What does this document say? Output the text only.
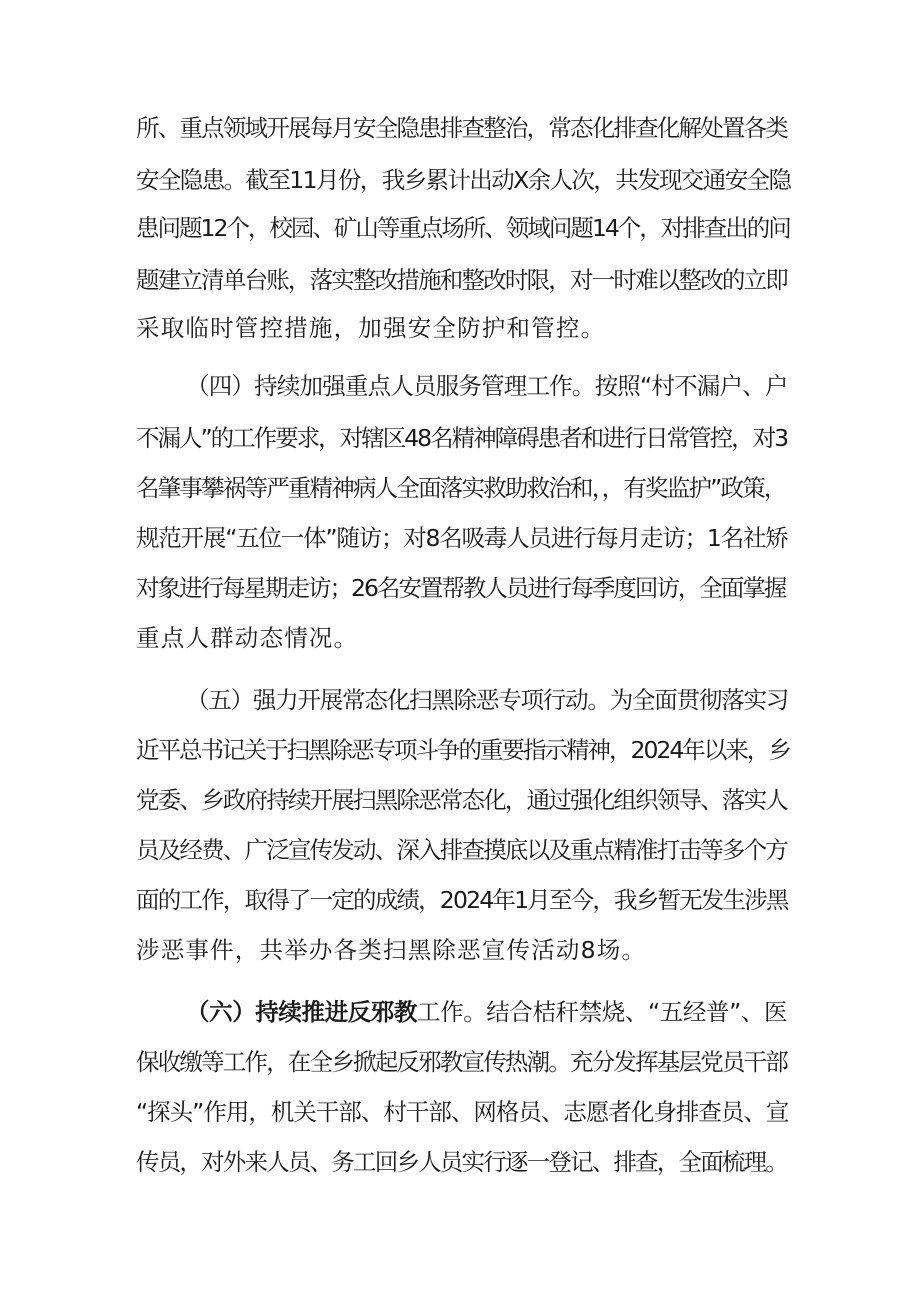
所、重点领域开展每月安全隐患排查整治，常态化排查化解处置各类
安全隐患。截至11月份，我乡累计出动X余人次，共发现交通安全隐
患问题12个，校园、矿山等重点场所、领域问题14个，对排查出的问
题建立清单台账，落实整改措施和整改时限，对一时难以整改的立即
采取临时管控措施，加强安全防护和管控。
（四）持续加强重点人员服务管理工作。按照“村不漏户、户
不漏人”的工作要求，对辖区48名精神障碍患者和进行日常管控，对3
名肇事攀祸等严重精神病人全面落实救助救治和，，有奖监护”政策，
规范开展“五位一体”随访；对8名吸毒人员进行每月走访；1名社矫
对象进行每星期走访；26名安置帮教人员进行每季度回访，全面掌握
重点人群动态情况。
（五）强力开展常态化扫黑除恶专项行动。为全面贯彻落实习
近平总书记关于扫黑除恶专项斗争的重要指示精神，2024年以来，乡
党委、乡政府持续开展扫黑除恶常态化，通过强化组织领导、落实人
员及经费、广泛宣传发动、深入排查摸底以及重点精准打击等多个方
面的工作，取得了一定的成绩，2024年1月至今，我乡暂无发生涉黑
涉恶事件，共举办各类扫黑除恶宣传活动8场。
（六）持续推进反邪教工作。结合桔秆禁烧、“五经普”、医
保收缴等工作，在全乡掀起反邪教宣传热潮。充分发挥基层党员干部
“探头”作用，机关干部、村干部、网格员、志愿者化身排查员、宣
传员，对外来人员、务工回乡人员实行逐一登记、排查，全面梳理。
